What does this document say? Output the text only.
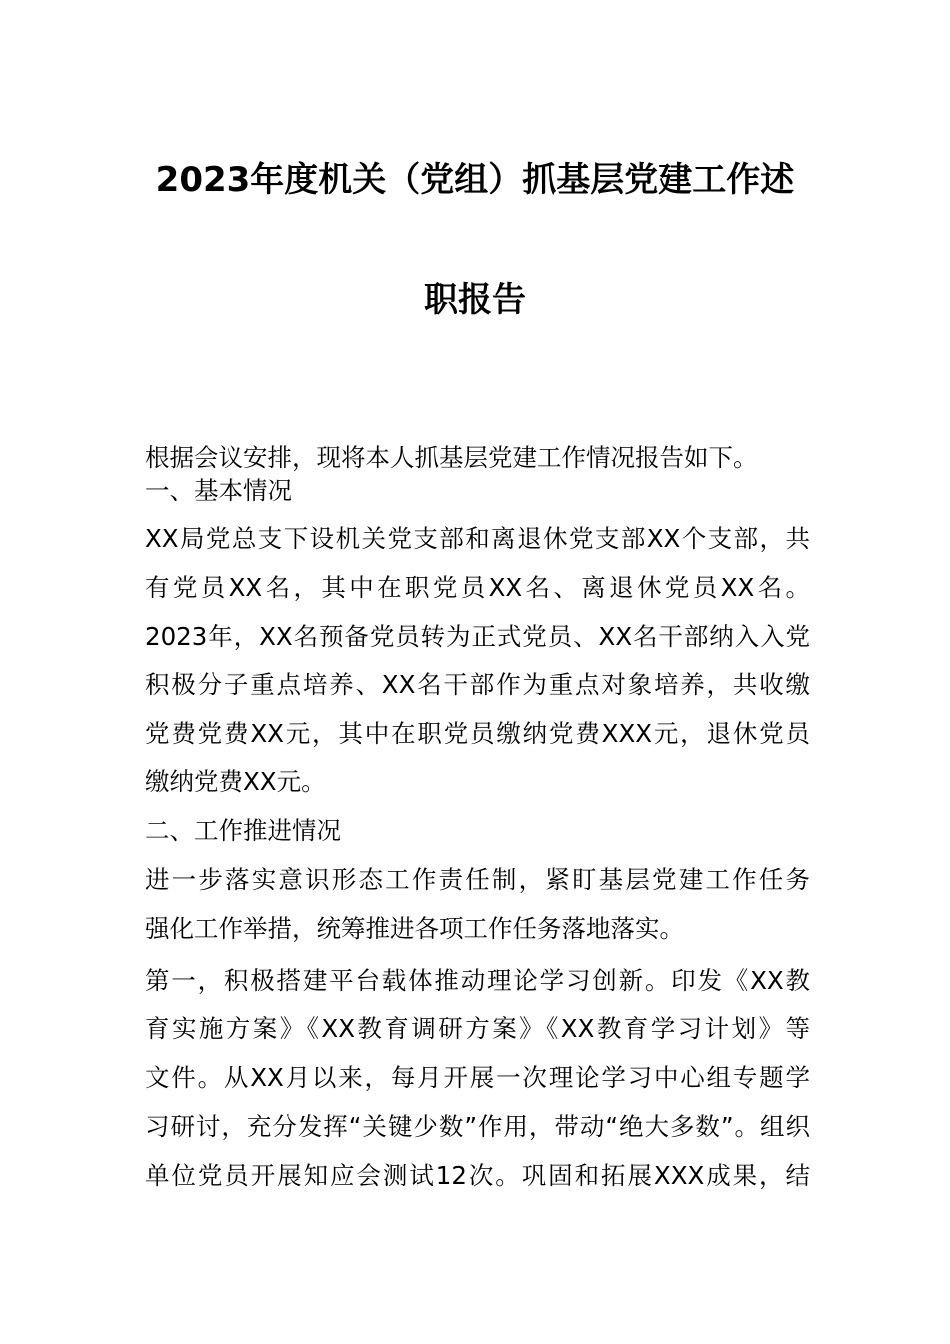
2023年度机关（党组）抓基层党建工作述
职报告
根据会议安排，现将本人抓基层党建工作情况报告如下。
一、基本情况
XX局党总支下设机关党支部和离退休党支部XX个支部，共
有党员XX名，其中在职党员XX名、离退休党员XX名。
2023年，XX名预备党员转为正式党员、XX名干部纳入入党
积极分子重点培养、XX名干部作为重点对象培养，共收缴
党费党费XX元，其中在职党员缴纳党费XXX元，退休党员
缴纳党费XX元。
二、工作推进情况
进一步落实意识形态工作责任制，紧盯基层党建工作任务
强化工作举措，统筹推进各项工作任务落地落实。
第一，积极搭建平台载体推动理论学习创新。印发《XX教
育实施方案》《XX教育调研方案》《XX教育学习计划》等
文件。从XX月以来，每月开展一次理论学习中心组专题学
习研讨，充分发挥“关键少数”作用，带动“绝大多数”。组织
单位党员开展知应会测试12次。巩固和拓展XXX成果，结
